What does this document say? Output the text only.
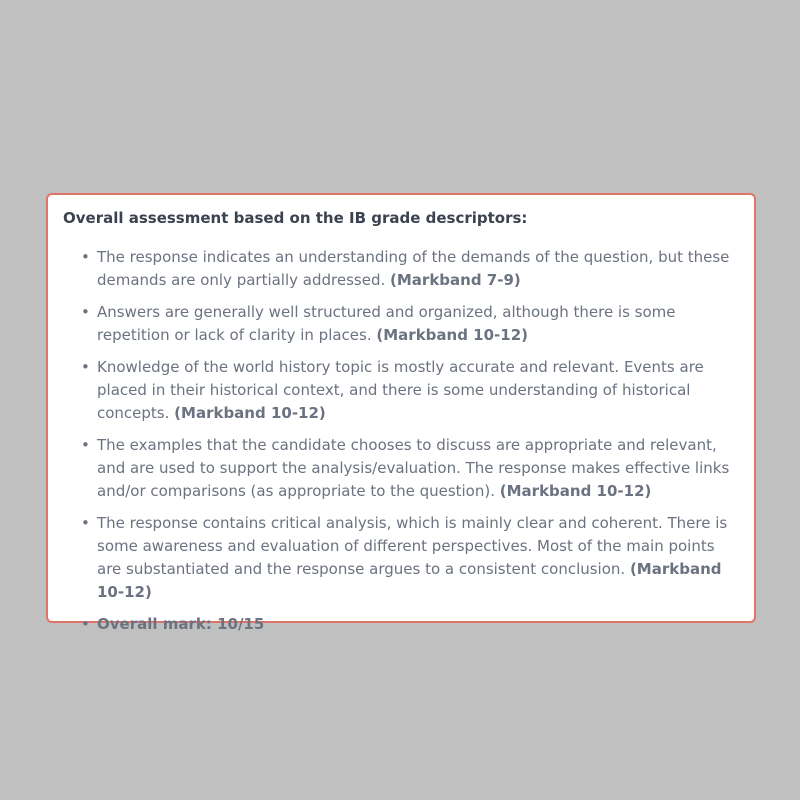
Overall assessment based on the IB grade descriptors:
• The response indicates an understanding of the demands of the question, but these demands are only partially addressed. (Markband 7-9)
• Answers are generally well structured and organized, although there is some repetition or lack of clarity in places. (Markband 10-12)
• Knowledge of the world history topic is mostly accurate and relevant. Events are placed in their historical context, and there is some understanding of historical concepts. (Markband 10-12)
• The examples that the candidate chooses to discuss are appropriate and relevant, and are used to support the analysis/evaluation. The response makes effective links and/or comparisons (as appropriate to the question). (Markband 10-12)
• The response contains critical analysis, which is mainly clear and coherent. There is some awareness and evaluation of different perspectives. Most of the main points are substantiated and the response argues to a consistent conclusion. (Markband 10-12)
• Overall mark: 10/15
